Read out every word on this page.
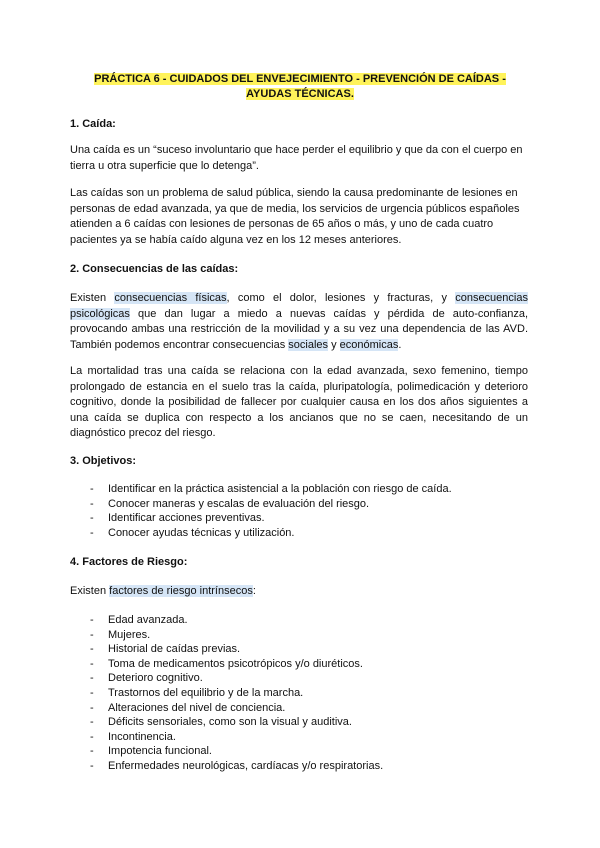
PRÁCTICA 6 - CUIDADOS DEL ENVEJECIMIENTO - PREVENCIÓN DE CAÍDAS -
AYUDAS TÉCNICAS.
1. Caída:
Una caída es un “suceso involuntario que hace perder el equilibrio y que da con el cuerpo en tierra u otra superficie que lo detenga”.
Las caídas son un problema de salud pública, siendo la causa predominante de lesiones en personas de edad avanzada, ya que de media, los servicios de urgencia públicos españoles atienden a 6 caídas con lesiones de personas de 65 años o más, y uno de cada cuatro pacientes ya se había caído alguna vez en los 12 meses anteriores.
2. Consecuencias de las caídas:
Existen consecuencias físicas, como el dolor, lesiones y fracturas, y consecuencias psicológicas que dan lugar a miedo a nuevas caídas y pérdida de auto-confianza, provocando ambas una restricción de la movilidad y a su vez una dependencia de las AVD. También podemos encontrar consecuencias sociales y económicas.
La mortalidad tras una caída se relaciona con la edad avanzada, sexo femenino, tiempo prolongado de estancia en el suelo tras la caída, pluripatología, polimedicación y deterioro cognitivo, donde la posibilidad de fallecer por cualquier causa en los dos años siguientes a una caída se duplica con respecto a los ancianos que no se caen, necesitando de un diagnóstico precoz del riesgo.
3. Objetivos:
- Identificar en la práctica asistencial a la población con riesgo de caída.
- Conocer maneras y escalas de evaluación del riesgo.
- Identificar acciones preventivas.
- Conocer ayudas técnicas y utilización.
4. Factores de Riesgo:
Existen factores de riesgo intrínsecos:
- Edad avanzada.
- Mujeres.
- Historial de caídas previas.
- Toma de medicamentos psicotrópicos y/o diuréticos.
- Deterioro cognitivo.
- Trastornos del equilibrio y de la marcha.
- Alteraciones del nivel de conciencia.
- Déficits sensoriales, como son la visual y auditiva.
- Incontinencia.
- Impotencia funcional.
- Enfermedades neurológicas, cardíacas y/o respiratorias.
